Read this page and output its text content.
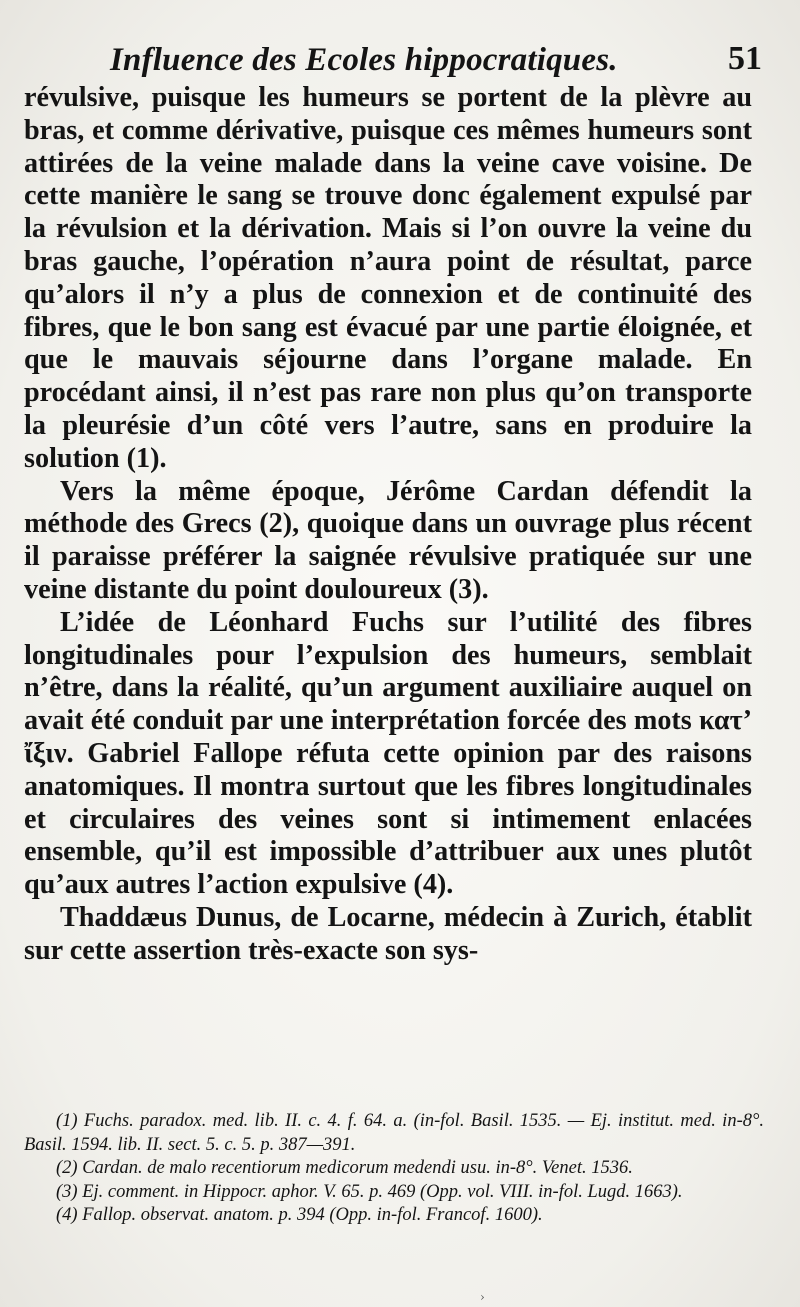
Influence des Ecoles hippocratiques.	51

révulsive, puisque les humeurs se portent de la plèvre au bras, et comme dérivative, puisque ces mêmes humeurs sont attirées de la veine malade dans la veine cave voisine. De cette manière le sang se trouve donc également expulsé par la révulsion et la dérivation. Mais si l’on ouvre la veine du bras gauche, l’opération n’aura point de résultat, parce qu’alors il n’y a plus de connexion et de continuité des fibres, que le bon sang est évacué par une partie éloignée, et que le mauvais séjourne dans l’organe malade. En procédant ainsi, il n’est pas rare non plus qu’on transporte la pleurésie d’un côté vers l’autre, sans en produire la solution (1).

Vers la même époque, Jérôme Cardan défendit la méthode des Grecs (2), quoique dans un ouvrage plus récent il paraisse préférer la saignée révulsive pratiquée sur une veine distante du point douloureux (3).

L’idée de Léonhard Fuchs sur l’utilité des fibres longitudinales pour l’expulsion des humeurs, semblait n’être, dans la réalité, qu’un argument auxiliaire auquel on avait été conduit par une interprétation forcée des mots κατ’ ἴξιν. Gabriel Fallope réfuta cette opinion par des raisons anatomiques. Il montra surtout que les fibres longitudinales et circulaires des veines sont si intimement enlacées ensemble, qu’il est impossible d’attribuer aux unes plutôt qu’aux autres l’action expulsive (4).

Thaddæus Dunus, de Locarne, médecin à Zurich, établit sur cette assertion très-exacte son sys-

(1) Fuchs. paradox. med. lib. II. c. 4. f. 64. a. (in-fol. Basil. 1535. — Ej. institut. med. in-8°. Basil. 1594. lib. II. sect. 5. c. 5. p. 387—391.

(2) Cardan. de malo recentiorum medicorum medendi usu. in-8°. Venet. 1536.

(3) Ej. comment. in Hippocr. aphor. V. 65. p. 469 (Opp. vol. VIII. in-fol. Lugd. 1663).

(4) Fallop. observat. anatom. p. 394 (Opp. in-fol. Francof. 1600).

›
